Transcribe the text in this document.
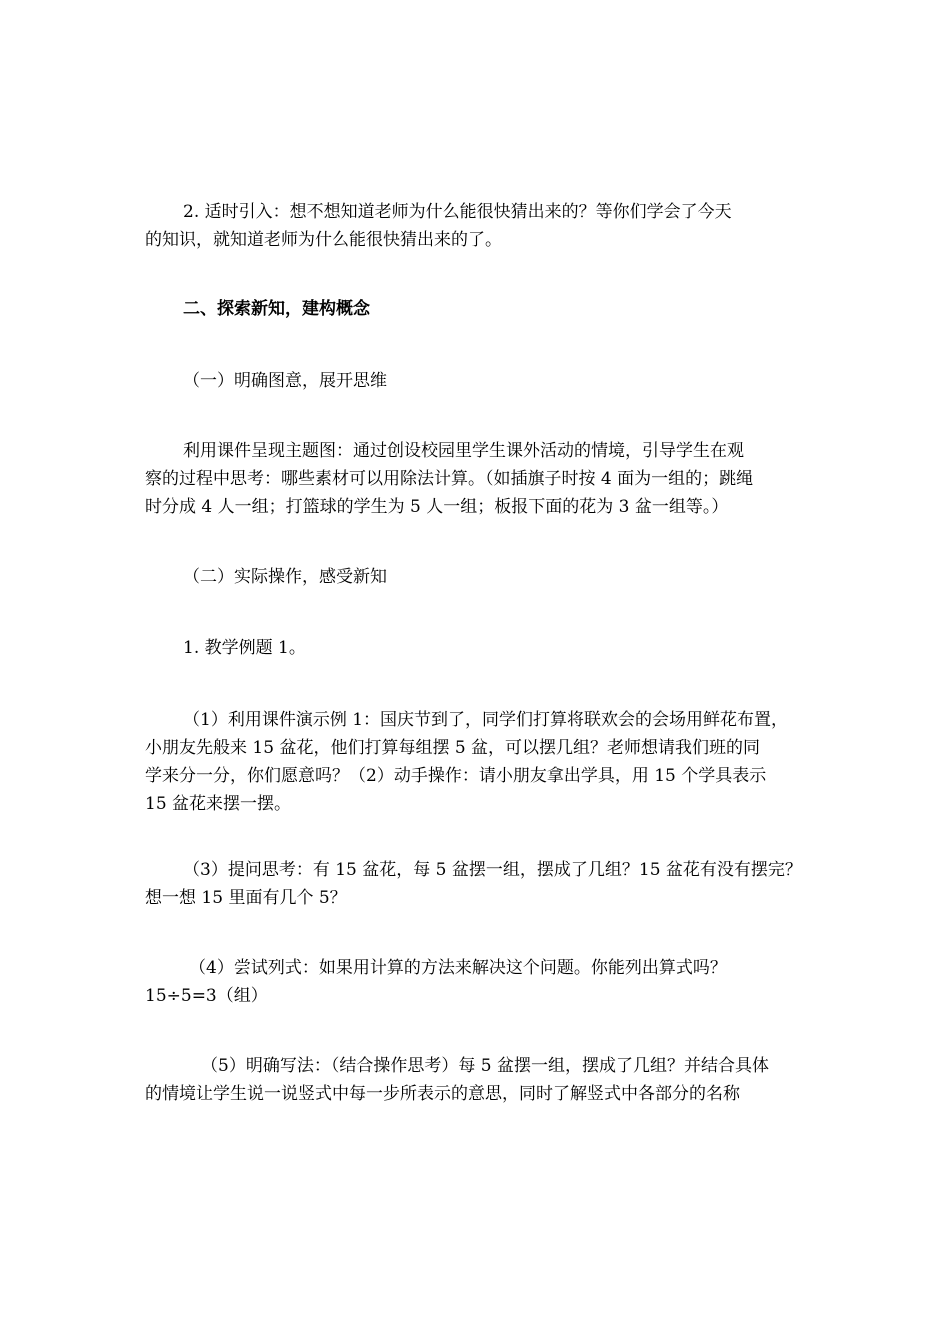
2. 适时引入：想不想知道老师为什么能很快猜出来的？等你们学会了今天
的知识，就知道老师为什么能很快猜出来的了。

二、探索新知，建构概念

（一）明确图意，展开思维

利用课件呈现主题图：通过创设校园里学生课外活动的情境，引导学生在观
察的过程中思考：哪些素材可以用除法计算。（如插旗子时按 4 面为一组的；跳绳
时分成 4 人一组；打篮球的学生为 5 人一组；板报下面的花为 3 盆一组等。）

（二）实际操作，感受新知

1. 教学例题 1。

（1）利用课件演示例 1：国庆节到了，同学们打算将联欢会的会场用鲜花布置，
小朋友先般来 15 盆花，他们打算每组摆 5 盆，可以摆几组？老师想请我们班的同
学来分一分，你们愿意吗？（2）动手操作：请小朋友拿出学具，用 15 个学具表示
15 盆花来摆一摆。

（3）提问思考：有 15 盆花，每 5 盆摆一组，摆成了几组？15 盆花有没有摆完？
想一想 15 里面有几个 5？

（4）尝试列式：如果用计算的方法来解决这个问题。你能列出算式吗？
15÷5=3（组）

（5）明确写法：（结合操作思考）每 5 盆摆一组，摆成了几组？并结合具体
的情境让学生说一说竖式中每一步所表示的意思，同时了解竖式中各部分的名称
